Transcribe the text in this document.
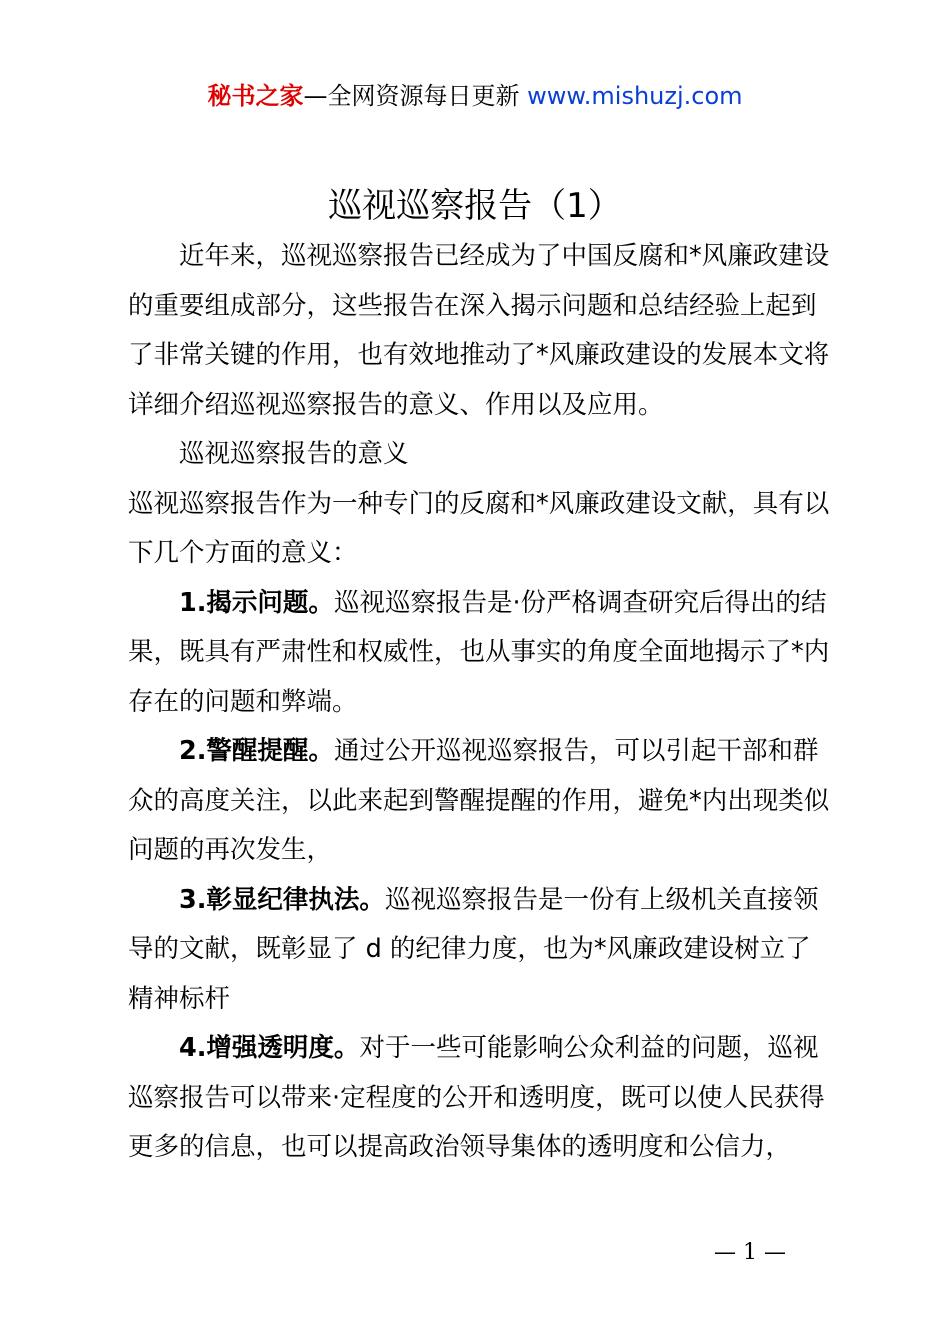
秘书之家—全网资源每日更新 www.mishuzj.com
巡视巡察报告（1）

近年来，巡视巡察报告已经成为了中国反腐和*风廉政建设的重要组成部分，这些报告在深入揭示问题和总结经验上起到了非常关键的作用，也有效地推动了*风廉政建设的发展本文将详细介绍巡视巡察报告的意义、作用以及应用。

巡视巡察报告的意义

巡视巡察报告作为一种专门的反腐和*风廉政建设文献，具有以下几个方面的意义：

1.揭示问题。巡视巡察报告是·份严格调查研究后得出的结果，既具有严肃性和权威性，也从事实的角度全面地揭示了*内存在的问题和弊端。

2.警醒提醒。通过公开巡视巡察报告，可以引起干部和群众的高度关注，以此来起到警醒提醒的作用，避免*内出现类似问题的再次发生，

3.彰显纪律执法。巡视巡察报告是一份有上级机关直接领导的文献，既彰显了 d 的纪律力度，也为*风廉政建设树立了精神标杆

4.增强透明度。对于一些可能影响公众利益的问题，巡视巡察报告可以带来·定程度的公开和透明度，既可以使人民获得更多的信息，也可以提高政治领导集体的透明度和公信力，

— 1 —
